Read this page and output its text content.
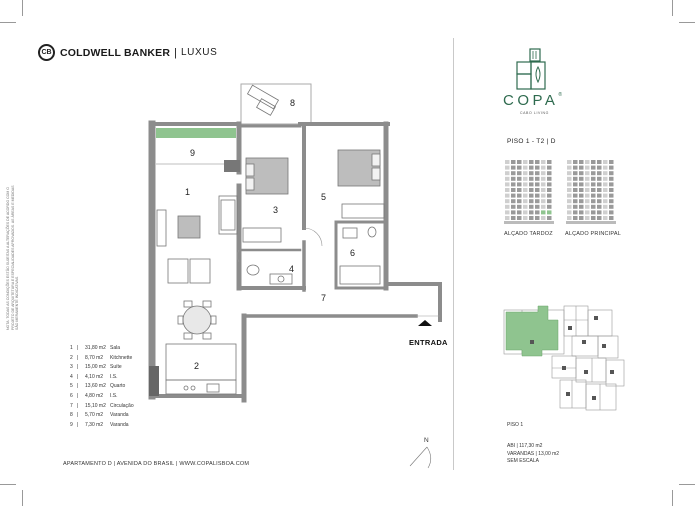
CB COLDWELL BANKER | LUXUS
1
2
3
4
5
6
7
8
9
ENTRADA
N
NOTA: TODAS AS CONDIÇÕES ESTÃO SUJEITAS A ALTERAÇÕES DE ACORDO COM O PROJETO DE ARQUITETURA E ESPECIALIDADES APROVADOS. AS ÁREAS E MEDIDAS SÃO MERAMENTE INDICATIVAS.
1 |	31,80 m2 Sala
2 |	8,70 m2	Kitchnette
3 |	15,00 m2 Suíte
4 |	4,10 m2	I.S.
5 |	13,60 m2 Quarto
6 |	4,80 m2	I.S.
7 |	15,10 m2 Circulação
8 |	5,70 m2	Varanda
9 |	7,30 m2	Varanda
APARTAMENTO D | AVENIDA DO BRASIL | WWW.COPALISBOA.COM
COPA®
CABO LIVING
PISO 1 - T2 | D
ALÇADO TARDOZ ALÇADO PRINCIPAL
PISO 1
ABI | 117,30 m2
VARANDAS | 13,00 m2
SEM ESCALA
